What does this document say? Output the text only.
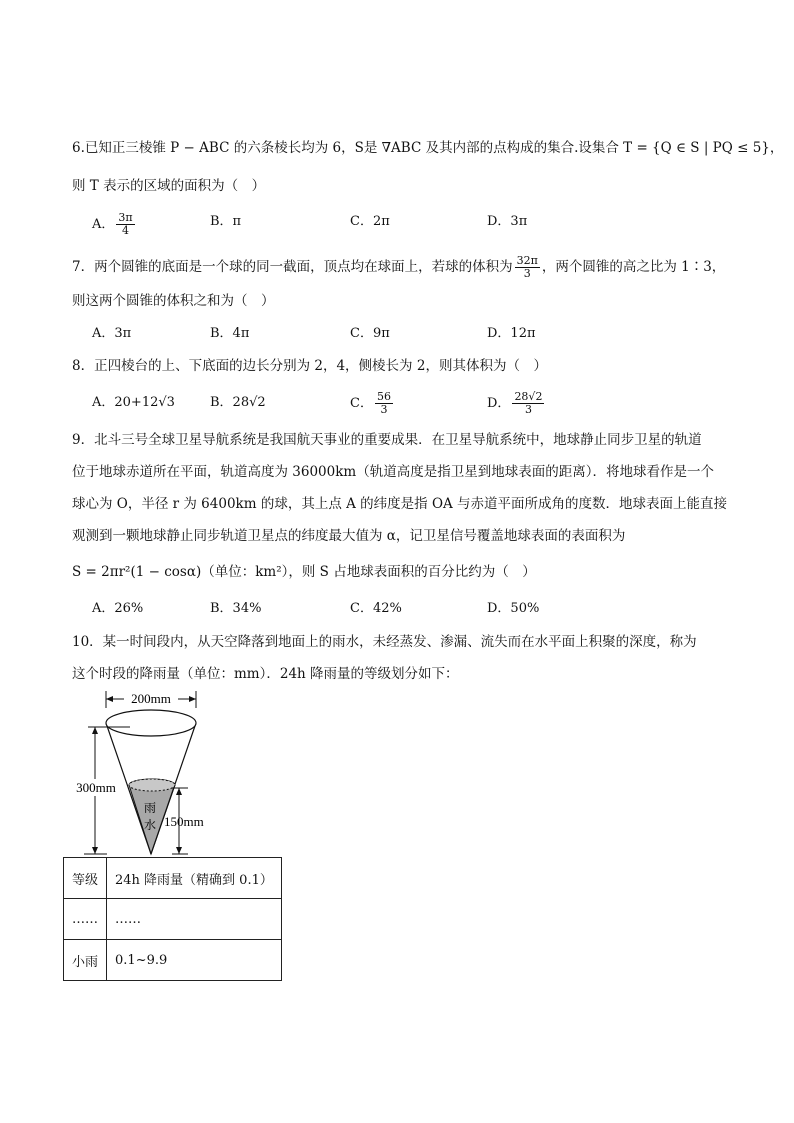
6.已知正三棱锥 P − ABC 的六条棱长均为 6，S是 ∇ABC 及其内部的点构成的集合.设集合 T = {Q ∈ S | PQ ≤ 5}，
则 T 表示的区域的面积为（　）
A． $\frac{3\pi}{4}$	B．π	C．2π	D．3π
7．两个圆锥的底面是一个球的同一截面，顶点均在球面上，若球的体积为 $\frac{32\pi}{3}$ ，两个圆锥的高之比为 1∶3，
则这两个圆锥的体积之和为（　）
A．3π	B．4π	C．9π	D．12π
8．正四棱台的上、下底面的边长分别为 2，4，侧棱长为 2，则其体积为（　）
A．20+12√3	B．28√2	C． $\frac{56}{3}$	D． $\frac{28√2}{3}$
9．北斗三号全球卫星导航系统是我国航天事业的重要成果．在卫星导航系统中，地球静止同步卫星的轨道
位于地球赤道所在平面，轨道高度为 36000km（轨道高度是指卫星到地球表面的距离）．将地球看作是一个
球心为 O，半径 r 为 6400km 的球，其上点 A 的纬度是指 OA 与赤道平面所成角的度数．地球表面上能直接
观测到一颗地球静止同步轨道卫星点的纬度最大值为 α，记卫星信号覆盖地球表面的表面积为
S = 2πr²(1 − cosα)（单位：km²），则 S 占地球表面积的百分比约为（　）
A．26%	B．34%	C．42%	D．50%
10．某一时间段内，从天空降落到地面上的雨水，未经蒸发、渗漏、流失而在水平面上积聚的深度，称为
这个时段的降雨量（单位：mm）．24h 降雨量的等级划分如下：
200mm
雨
水
300mm
150mm
等级	24h 降雨量（精确到 0.1）
……	……
小雨	0.1~9.9
